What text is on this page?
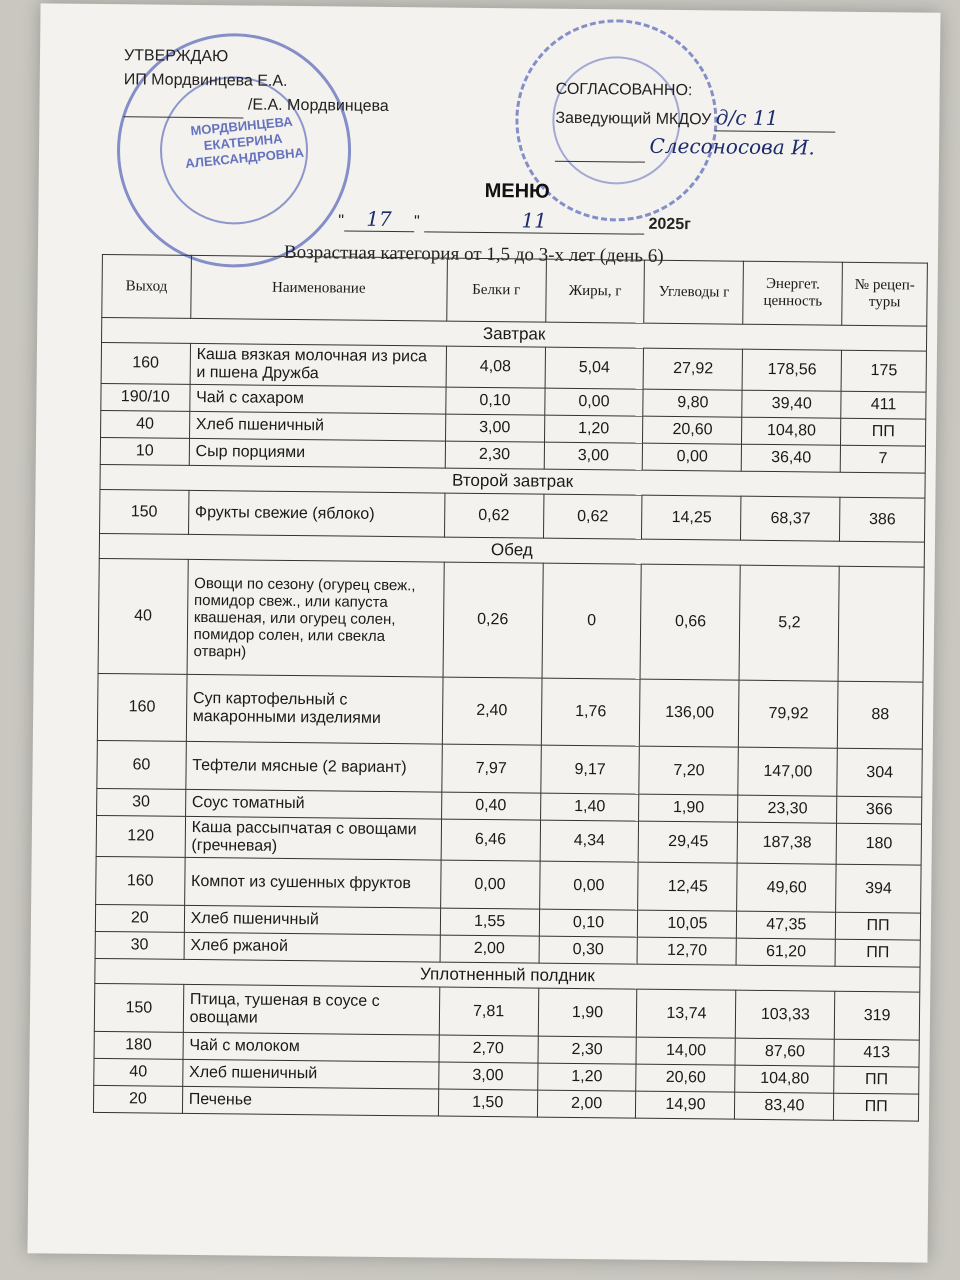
МОРДВИНЦЕВА ЕКАТЕРИНА АЛЕКСАНДРОВНА
УТВЕРЖДАЮ
ИП Мордвинцева Е.А.
/Е.А. Мордвинцева
СОГЛАСОВАННО:
Заведующий МКДОУ д/с 11
Слесоносова И.
МЕНЮ
" 17 "	11	2025г
Возрастная категория от 1,5 до 3-х лет (день 6)
Выход	Наименование	Белки г	Жиры, г	Углеводы г	Энергет. ценность	№ рецеп-туры
Завтрак						
160	Каша вязкая молочная из риса и пшена Дружба	4,08	5,04	27,92	178,56	175
190/10	Чай с сахаром	0,10	0,00	9,80	39,40	411
40	Хлеб пшеничный	3,00	1,20	20,60	104,80	ПП
10	Сыр порциями	2,30	3,00	0,00	36,40	7
Второй завтрак						
150	Фрукты свежие (яблоко)	0,62	0,62	14,25	68,37	386
Обед						
40	Овощи по сезону (огурец свеж., помидор свеж., или капуста квашеная, или огурец солен, помидор солен, или свекла отварн)	0,26	0	0,66	5,2	
160	Суп картофельный с макаронными изделиями	2,40	1,76	136,00	79,92	88
60	Тефтели мясные (2 вариант)	7,97	9,17	7,20	147,00	304
30	Соус томатный	0,40	1,40	1,90	23,30	366
120	Каша рассыпчатая с овощами (гречневая)	6,46	4,34	29,45	187,38	180
160	Компот из сушенных фруктов	0,00	0,00	12,45	49,60	394
20	Хлеб пшеничный	1,55	0,10	10,05	47,35	ПП
30	Хлеб ржаной	2,00	0,30	12,70	61,20	ПП
Уплотненный полдник						
150	Птица, тушеная в соусе с овощами	7,81	1,90	13,74	103,33	319
180	Чай с молоком	2,70	2,30	14,00	87,60	413
40	Хлеб пшеничный	3,00	1,20	20,60	104,80	ПП
20	Печенье	1,50	2,00	14,90	83,40	ПП
